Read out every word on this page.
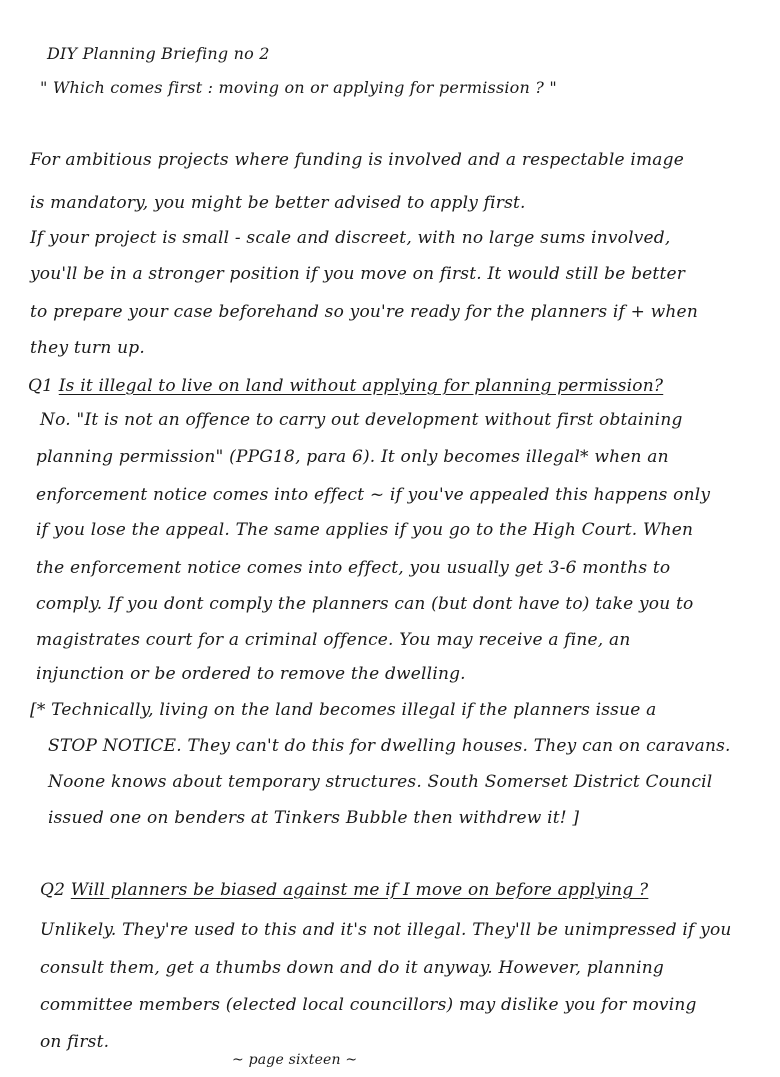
DIY Planning Briefing no 2

" Which comes first : moving on or applying for permission ? "

For ambitious projects where funding is involved and a respectable image

is mandatory, you might be better advised to apply first.

If your project is small - scale and discreet, with no large sums involved,

you'll be in a stronger position if you move on first. It would still be better

to prepare your case beforehand so you're ready for the planners if + when

they turn up.

Q1 Is it illegal to live on land without applying for planning permission?

No. "It is not an offence to carry out development without first obtaining

planning permission" (PPG18, para 6). It only becomes illegal* when an

enforcement notice comes into effect ~ if you've appealed this happens only

if you lose the appeal. The same applies if you go to the High Court. When

the enforcement notice comes into effect, you usually get 3-6 months to

comply. If you dont comply the planners can (but dont have to) take you to

magistrates court for a criminal offence. You may receive a fine, an

injunction or be ordered to remove the dwelling.

[* Technically, living on the land becomes illegal if the planners issue a

STOP NOTICE. They can't do this for dwelling houses. They can on caravans.

Noone knows about temporary structures. South Somerset District Council

issued one on benders at Tinkers Bubble then withdrew it! ]

Q2 Will planners be biased against me if I move on before applying ?

Unlikely. They're used to this and it's not illegal. They'll be unimpressed if you

consult them, get a thumbs down and do it anyway. However, planning

committee members (elected local councillors) may dislike you for moving

on first.

~ page sixteen ~
